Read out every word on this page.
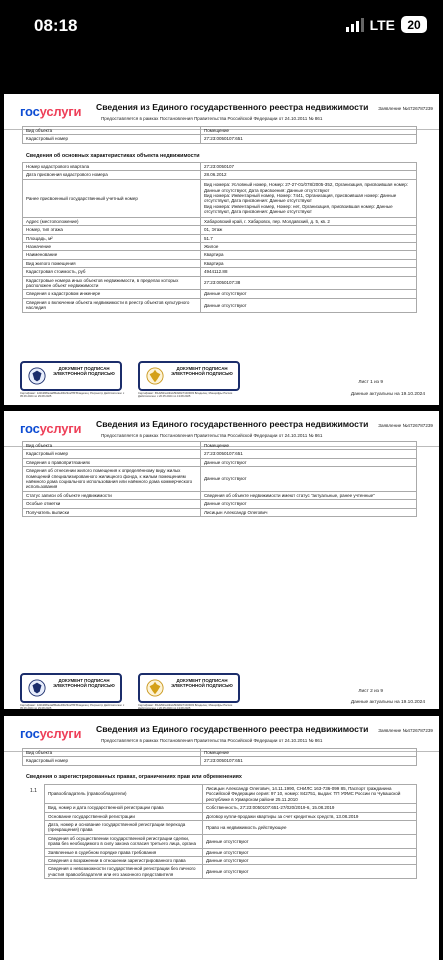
08:18	LTE	20
госуслуги Сведения из Единого государственного реестра недвижимости
Предоставляется в рамках Постановления Правительства Российской Федерации от 24.10.2011 № 861
Заявление №4726787239
Вид объекта	Помещение
Кадастровый номер	27:23:0050107:651
Сведения об основных характеристиках объекта недвижимости
Номер кадастрового квартала	27:23:0050107
Дата присвоения кадастрового номера	28.06.2012
Ранее присвоенный государственный учетный номер	Вид номера: Условный номер, Номер: 27-27-01/078/2005-352, Организация, присвоившая номер: Данные отсутствуют, Дата присвоения: Данные отсутствуют
Вид номера: Инвентарный номер, Номер: 7441, Организация, присвоившая номер: Данные отсутствуют, Дата присвоения: Данные отсутствуют
Вид номера: Инвентарный номер, Номер: нет, Организация, присвоившая номер: Данные отсутствуют, Дата присвоения: Данные отсутствуют
Адрес (местоположение)	Хабаровский край, г. Хабаровск, пер. Молдавский, д. 5, кв. 2
Номер, тип этажа	01, Этаж
Площадь, м²	51.7
Назначение	Жилое
Наименование	Квартира
Вид жилого помещения	Квартира
Кадастровая стоимость, руб	4944112.88
Кадастровые номера иных объектов недвижимости, в пределах которых расположен объект недвижимости	27:23:0050107:38
Сведения о кадастровом инженере	Данные отсутствуют
Сведения о включении объекта недвижимости в реестр объектов культурного наследия	Данные отсутствуют
ДОКУМЕНТ ПОДПИСАН ЭЛЕКТРОННОЙ ПОДПИСЬЮ
ДОКУМЕНТ ПОДПИСАН ЭЛЕКТРОННОЙ ПОДПИСЬЮ
Сертификат: 1d1b29f0a1a8f6a2e40b23ca7f8f Владелец: Росреестр Действителен: с 05.06.2024 по 29.08.2025
Сертификат: 6f1d29fca14b2e5b9d0c71b0f203 Владелец: Минцифры России Действителен: с 20.05.2024 по 13.08.2025
Лист 1 из 9
Данные актуальны на 19.10.2024
госуслуги Сведения из Единого государственного реестра недвижимости
Предоставляется в рамках Постановления Правительства Российской Федерации от 24.10.2011 № 861
Заявление №4726787239
Вид объекта	Помещение
Кадастровый номер	27:23:0050107:651
Сведения о правопритязаниях	Данные отсутствуют
Сведения об отнесении жилого помещения к определённому виду жилых помещений специализированного жилищного фонда, к жилым помещениям наёмного дома социального использования или наёмного дома коммерческого использования	Данные отсутствуют
Статус записи об объекте недвижимости	Сведения об объекте недвижимости имеют статус "актуальные, ранее учтенные"
Особые отметки	Данные отсутствуют
Получатель выписки	Лисицын Александр Олегович
ДОКУМЕНТ ПОДПИСАН ЭЛЕКТРОННОЙ ПОДПИСЬЮ
ДОКУМЕНТ ПОДПИСАН ЭЛЕКТРОННОЙ ПОДПИСЬЮ
Сертификат: 1d1b29f0a1a8f6a2e40b23ca7f8f Владелец: Росреестр Действителен: с 05.06.2024 по 29.08.2025
Сертификат: 6f1d29fca14b2e5b9d0c71b0f203 Владелец: Минцифры России Действителен: с 20.05.2024 по 13.08.2025
Лист 2 из 9
Данные актуальны на 19.10.2024
госуслуги Сведения из Единого государственного реестра недвижимости
Предоставляется в рамках Постановления Правительства Российской Федерации от 24.10.2011 № 861
Заявление №4726787239
Вид объекта	Помещение
Кадастровый номер	27:23:0050107:651
Сведения о зарегистрированных правах, ограничениях прав или обременениях
1.1 Правообладатель (правообладатели)	Лисицын Александр Олегович, 14.11.1990, СНИЛС 163-736-099 85, Паспорт гражданина Российской Федерации серия: 97 10, номер: 842751, выдан: ТП УФМС России по Чувашской республике в Урмарском районе 25.11.2010
Вид, номер и дата государственной регистрации права	Собственность, 27:23:0050107:651-27/020/2019-6, 15.08.2019
Основание государственной регистрации	Договор купли-продажи квартиры за счет кредитных средств, 13.08.2019
Дата, номер и основание государственной регистрации перехода (прекращения) права	Право на недвижимость действующее
Сведения об осуществлении государственной регистрации сделки, права без необходимого в силу закона согласия третьего лица, органа	Данные отсутствуют
Заявленные в судебном порядке права требования	Данные отсутствуют
Сведения о возражении в отношении зарегистрированного права	Данные отсутствуют
Сведения о невозможности государственной регистрации без личного участия правообладателя или его законного представителя	Данные отсутствуют
